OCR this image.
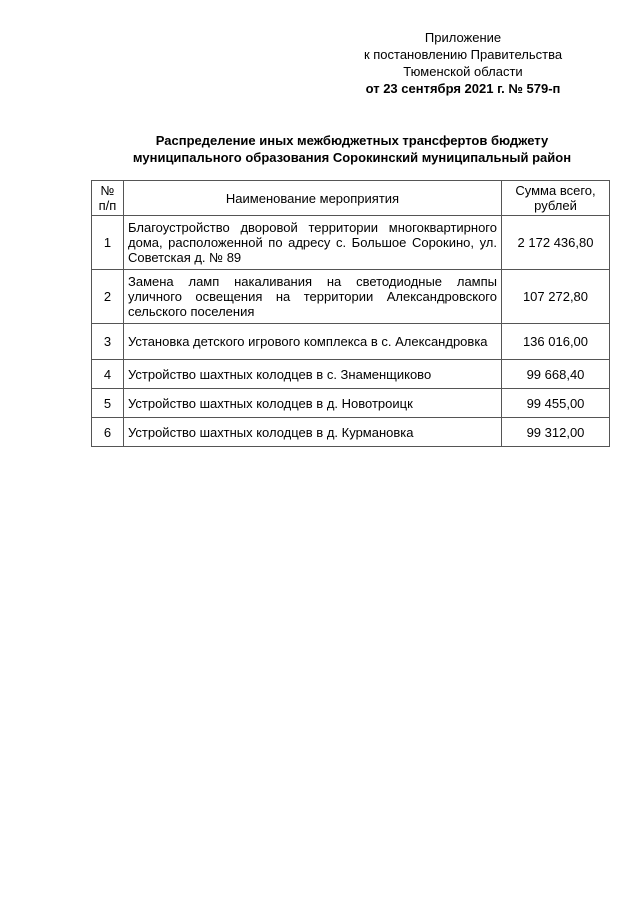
Приложение
к постановлению Правительства
Тюменской области
от 23 сентября 2021 г. № 579-п
Распределение иных межбюджетных трансфертов бюджету
муниципального образования Сорокинский муниципальный район
№ п/п	Наименование мероприятия	Сумма всего, рублей
1	Благоустройство дворовой территории многоквартирного дома, расположенной по адресу с. Большое Сорокино, ул. Советская д. № 89	2 172 436,80
2	Замена ламп накаливания на светодиодные лампы уличного освещения на территории Александровского сельского поселения	107 272,80
3	Установка детского игрового комплекса в с. Александровка	136 016,00
4	Устройство шахтных колодцев в с. Знаменщиково	99 668,40
5	Устройство шахтных колодцев в д. Новотроицк	99 455,00
6	Устройство шахтных колодцев в д. Курмановка	99 312,00
